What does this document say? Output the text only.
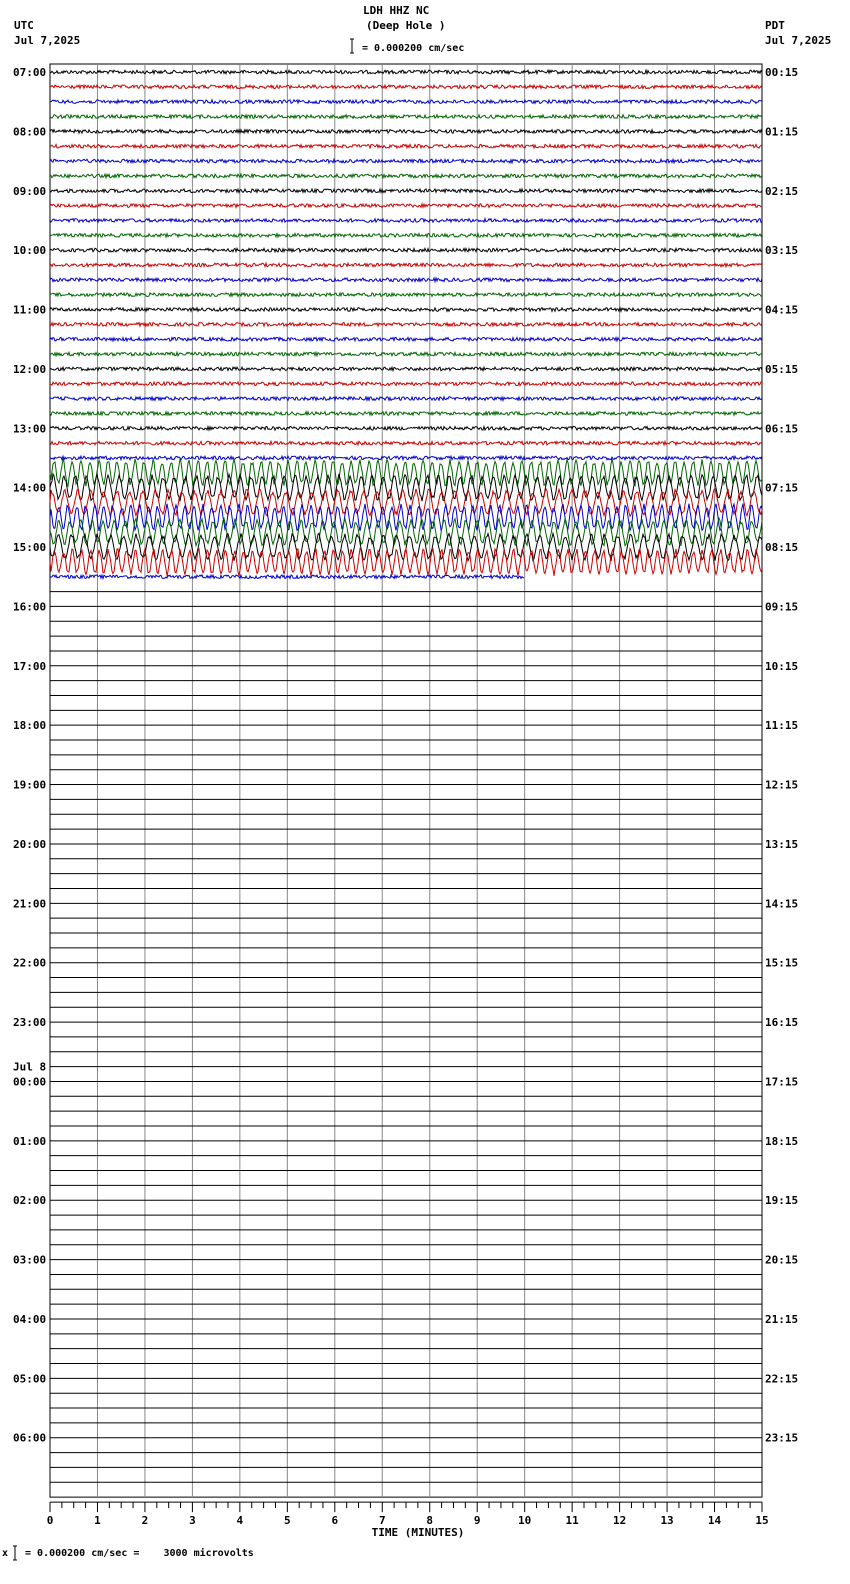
LDH HHZ NC
(Deep Hole )
UTC
Jul 7,2025
PDT
Jul 7,2025
= 0.000200 cm/sec
x = 0.000200 cm/sec =    3000 microvolts
07:00	00:15
08:00	01:15
09:00	02:15
10:00	03:15
11:00	04:15
12:00	05:15
13:00	06:15
14:00	07:15
15:00	08:15
16:00	09:15
17:00	10:15
18:00	11:15
19:00	12:15
20:00	13:15
21:00	14:15
22:00	15:15
23:00	16:15
00:00	17:15
Jul 8
01:00	18:15
02:00	19:15
03:00	20:15
04:00	21:15
05:00	22:15
06:00	23:15
0	1	2	3	4	5	6	7	8	9	10	11	12	13	14	15
TIME (MINUTES)
